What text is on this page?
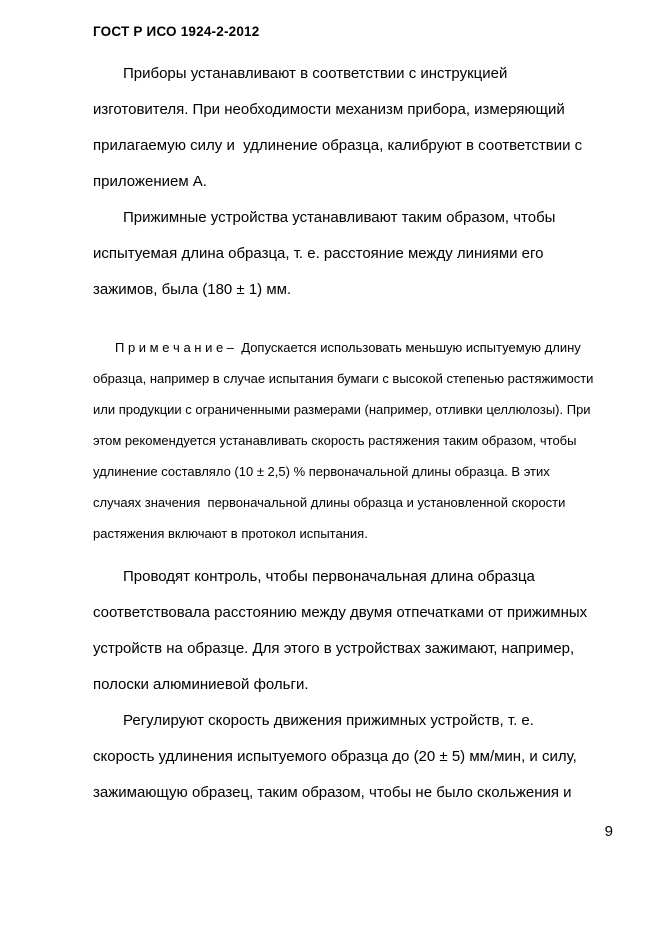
ГОСТ Р ИСО 1924-2-2012
Приборы устанавливают в соответствии с инструкцией
изготовителя. При необходимости механизм прибора, измеряющий
прилагаемую силу и  удлинение образца, калибруют в соответствии с
приложением А.
Прижимные устройства устанавливают таким образом, чтобы
испытуемая длина образца, т. е. расстояние между линиями его
зажимов, была (180 ± 1) мм.
П р и м е ч а н и е –  Допускается использовать меньшую испытуемую длину
образца, например в случае испытания бумаги с высокой степенью растяжимости
или продукции с ограниченными размерами (например, отливки целлюлозы). При
этом рекомендуется устанавливать скорость растяжения таким образом, чтобы
удлинение составляло (10 ± 2,5) % первоначальной длины образца. В этих
случаях значения  первоначальной длины образца и установленной скорости
растяжения включают в протокол испытания.
Проводят контроль, чтобы первоначальная длина образца
соответствовала расстоянию между двумя отпечатками от прижимных
устройств на образце. Для этого в устройствах зажимают, например,
полоски алюминиевой фольги.
Регулируют скорость движения прижимных устройств, т. е.
скорость удлинения испытуемого образца до (20 ± 5) мм/мин, и силу,
зажимающую образец, таким образом, чтобы не было скольжения и
9
